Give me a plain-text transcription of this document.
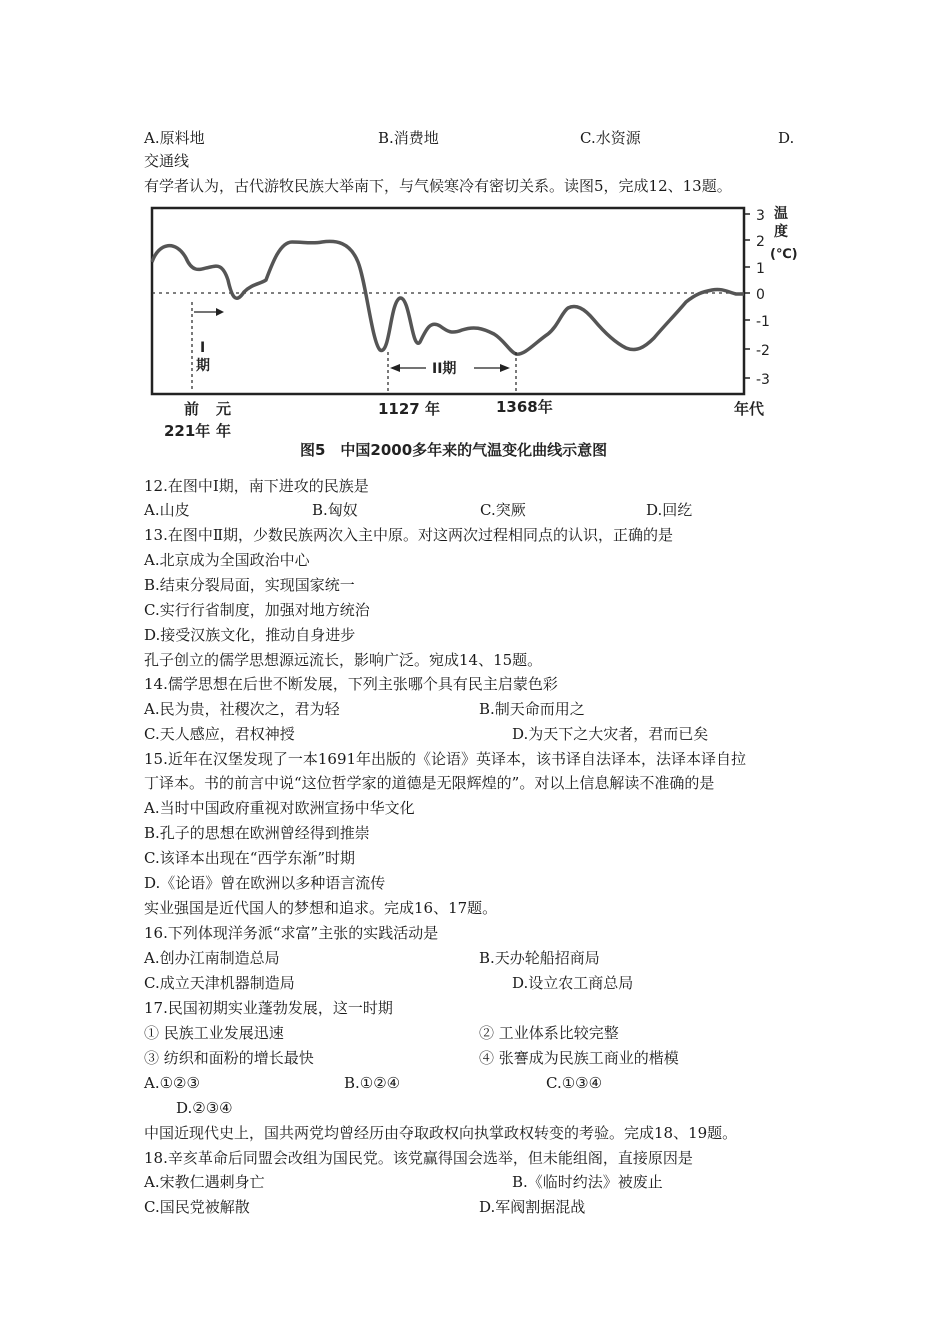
A.原料地	B.消费地	C.水资源	D.
交通线
有学者认为，古代游牧民族大举南下，与气候寒冷有密切关系。读图5，完成12、13题。
3
2
1
0
-1
-2
-3
温
度
(℃)
I
期	II期
前
221年
元
年
1127 年	1368年	年代
图5　中国2000多年来的气温变化曲线示意图
12.在图中Ⅰ期，南下进攻的民族是
A.山皮	B.匈奴	C.突厥	D.回纥
13.在图中Ⅱ期，少数民族两次入主中原。对这两次过程相同点的认识，正确的是
A.北京成为全国政治中心
B.结束分裂局面，实现国家统一
C.实行行省制度，加强对地方统治
D.接受汉族文化，推动自身进步
孔子创立的儒学思想源远流长，影响广泛。宛成14、15题。
14.儒学思想在后世不断发展，下列主张哪个具有民主启蒙色彩
A.民为贵，社稷次之，君为轻	B.制天命而用之
C.天人感应，君权神授	D.为天下之大灾者，君而已矣
15.近年在汉堡发现了一本1691年出版的《论语》英译本，该书译自法译本，法译本译自拉
丁译本。书的前言中说“这位哲学家的道德是无限辉煌的”。对以上信息解读不准确的是
A.当时中国政府重视对欧洲宣扬中华文化
B.孔子的思想在欧洲曾经得到推崇
C.该译本出现在“西学东渐”时期
D.《论语》曾在欧洲以多种语言流传
实业强国是近代国人的梦想和追求。完成16、17题。
16.下列体现洋务派“求富”主张的实践活动是
A.创办江南制造总局	B.天办轮船招商局
C.成立天津机器制造局	D.设立农工商总局
17.民国初期实业蓬勃发展，这一时期
① 民族工业发展迅速	② 工业体系比较完整
③ 纺织和面粉的增长最快	④ 张謇成为民族工商业的楷模
A.①②③	B.①②④	C.①③④
D.②③④
中国近现代史上，国共两党均曾经历由夺取政权向执掌政权转变的考验。完成18、19题。
18.辛亥革命后同盟会改组为国民党。该党赢得国会选举，但未能组阁，直接原因是
A.宋教仁遇刺身亡	B.《临时约法》被废止
C.国民党被解散	D.军阀割据混战
